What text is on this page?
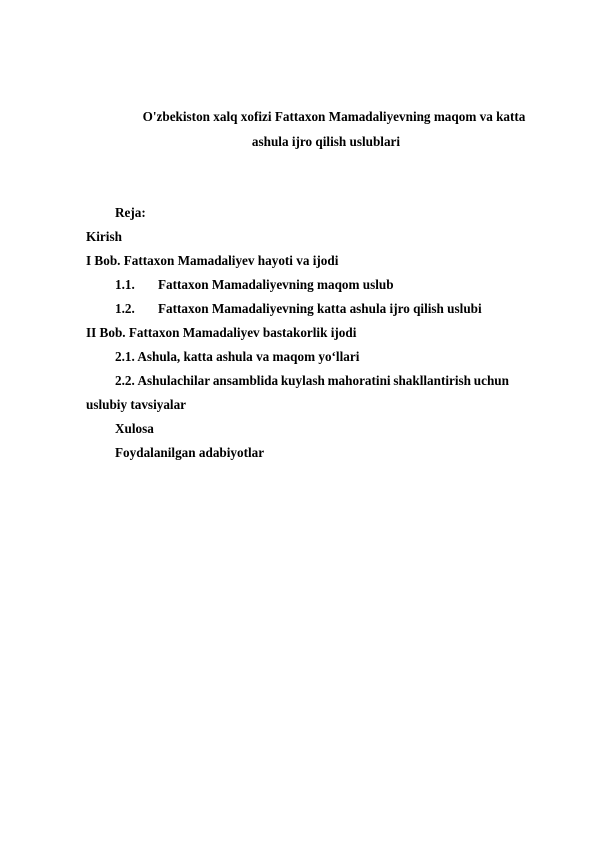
O'zbekiston xalq xofizi Fattaxon Mamadaliyevning maqom va katta
ashula ijro qilish uslublari
Reja:
Kirish
I Bob. Fattaxon Mamadaliyev hayoti va ijodi
1.1. Fattaxon Mamadaliyevning maqom uslub
1.2. Fattaxon Mamadaliyevning katta ashula ijro qilish uslubi
II Bob. Fattaxon Mamadaliyev bastakorlik ijodi
2.1. Ashula, katta ashula va maqom yo‘llari
2.2. Ashulachilar ansamblida kuylash mahoratini shakllantirish uchun
uslubiy tavsiyalar
Xulosa
Foydalanilgan adabiyotlar
